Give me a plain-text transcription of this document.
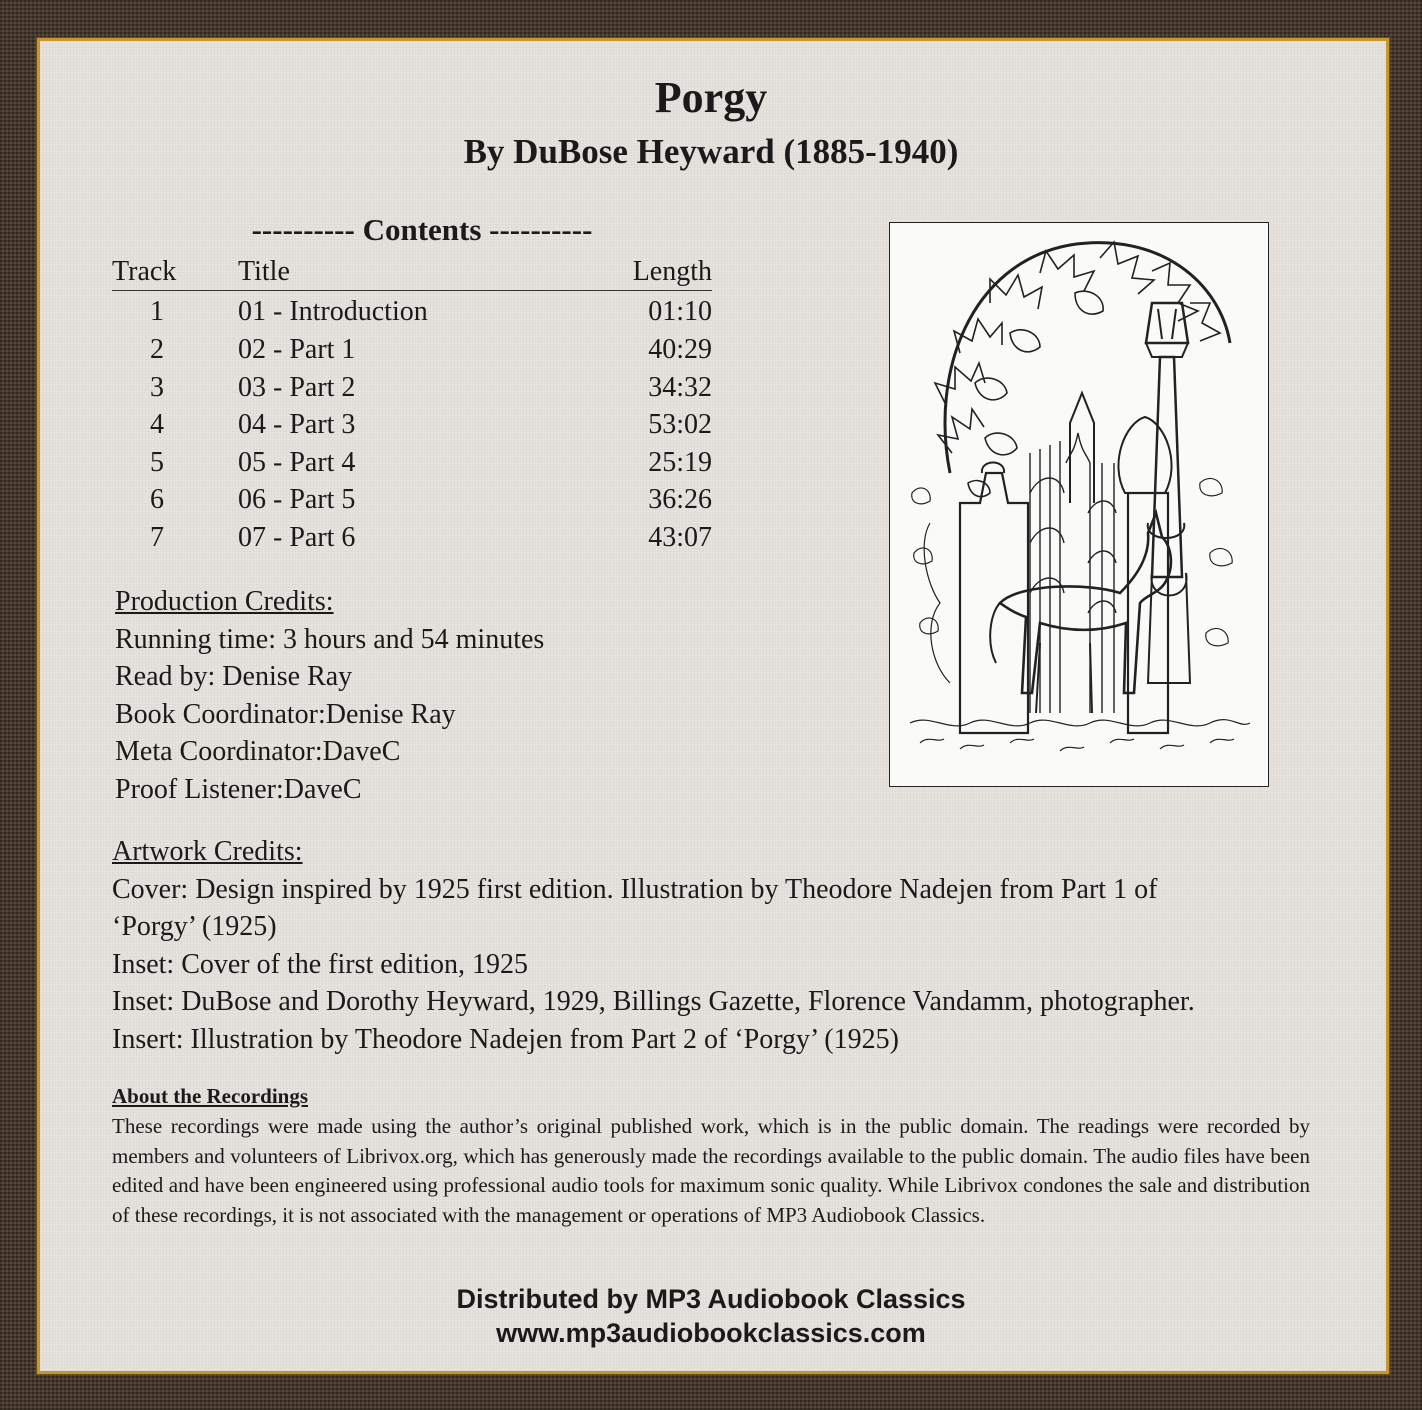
Porgy
By DuBose Heyward (1885-1940)
---------- Contents ----------
Track	Title	Length
1	01 - Introduction	01:10
2	02 - Part 1	40:29
3	03 - Part 2	34:32
4	04 - Part 3	53:02
5	05 - Part 4	25:19
6	06 - Part 5	36:26
7	07 - Part 6	43:07
Production Credits:
Running time: 3 hours and 54 minutes
Read by: Denise Ray
Book Coordinator:Denise Ray
Meta Coordinator:DaveC
Proof Listener:DaveC
Artwork Credits:
Cover: Design inspired by 1925 first edition. Illustration by Theodore Nadejen from Part 1 of
‘Porgy’ (1925)
Inset: Cover of the first edition, 1925
Inset: DuBose and Dorothy Heyward, 1929, Billings Gazette, Florence Vandamm, photographer.
Insert: Illustration by Theodore Nadejen from Part 2 of ‘Porgy’ (1925)
About the Recordings
These recordings were made using the author’s original published work, which is in the public domain. The readings were recorded by members and volunteers of Librivox.org, which has generously made the recordings available to the public domain. The audio files have been edited and have been engineered using professional audio tools for maximum sonic quality. While Librivox condones the sale and distribution of these recordings, it is not associated with the management or operations of MP3 Audiobook Classics.
Distributed by MP3 Audiobook Classics
www.mp3audiobookclassics.com
